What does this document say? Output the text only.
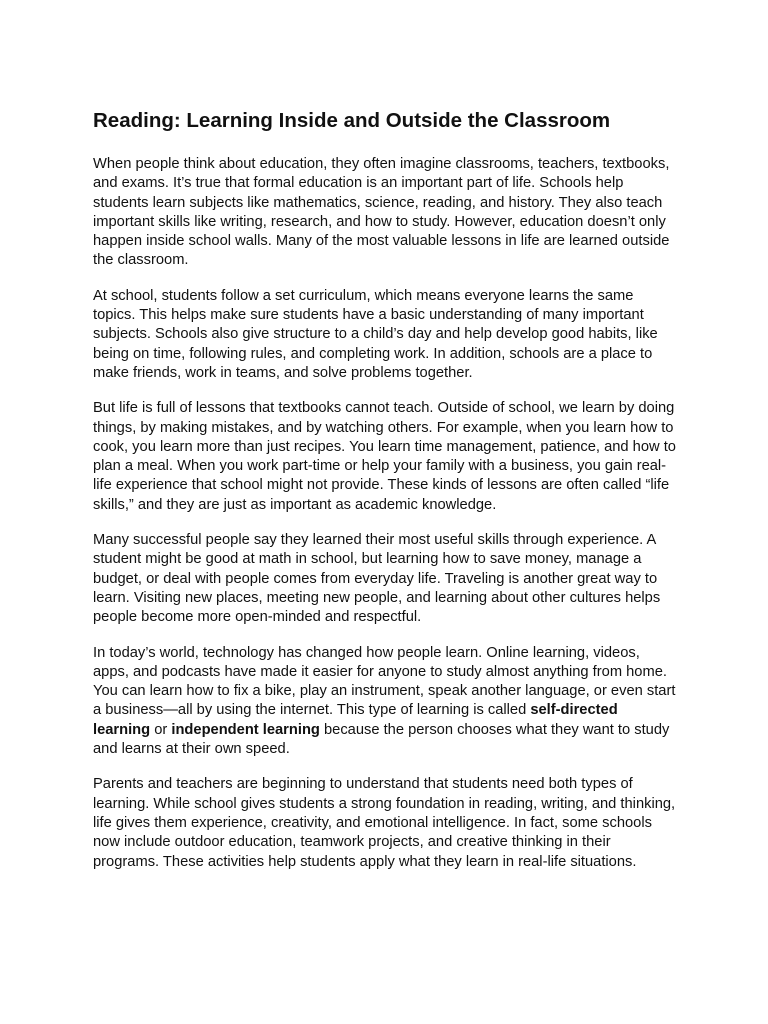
Reading: Learning Inside and Outside the Classroom

When people think about education, they often imagine classrooms, teachers, textbooks, and exams. It’s true that formal education is an important part of life. Schools help students learn subjects like mathematics, science, reading, and history. They also teach important skills like writing, research, and how to study. However, education doesn’t only happen inside school walls. Many of the most valuable lessons in life are learned outside the classroom.

At school, students follow a set curriculum, which means everyone learns the same topics. This helps make sure students have a basic understanding of many important subjects. Schools also give structure to a child’s day and help develop good habits, like being on time, following rules, and completing work. In addition, schools are a place to make friends, work in teams, and solve problems together.

But life is full of lessons that textbooks cannot teach. Outside of school, we learn by doing things, by making mistakes, and by watching others. For example, when you learn how to cook, you learn more than just recipes. You learn time management, patience, and how to plan a meal. When you work part-time or help your family with a business, you gain real-life experience that school might not provide. These kinds of lessons are often called “life skills,” and they are just as important as academic knowledge.

Many successful people say they learned their most useful skills through experience. A student might be good at math in school, but learning how to save money, manage a budget, or deal with people comes from everyday life. Traveling is another great way to learn. Visiting new places, meeting new people, and learning about other cultures helps people become more open-minded and respectful.

In today’s world, technology has changed how people learn. Online learning, videos, apps, and podcasts have made it easier for anyone to study almost anything from home. You can learn how to fix a bike, play an instrument, speak another language, or even start a business—all by using the internet. This type of learning is called self-directed learning or independent learning because the person chooses what they want to study and learns at their own speed.

Parents and teachers are beginning to understand that students need both types of learning. While school gives students a strong foundation in reading, writing, and thinking, life gives them experience, creativity, and emotional intelligence. In fact, some schools now include outdoor education, teamwork projects, and creative thinking in their programs. These activities help students apply what they learn in real-life situations.
